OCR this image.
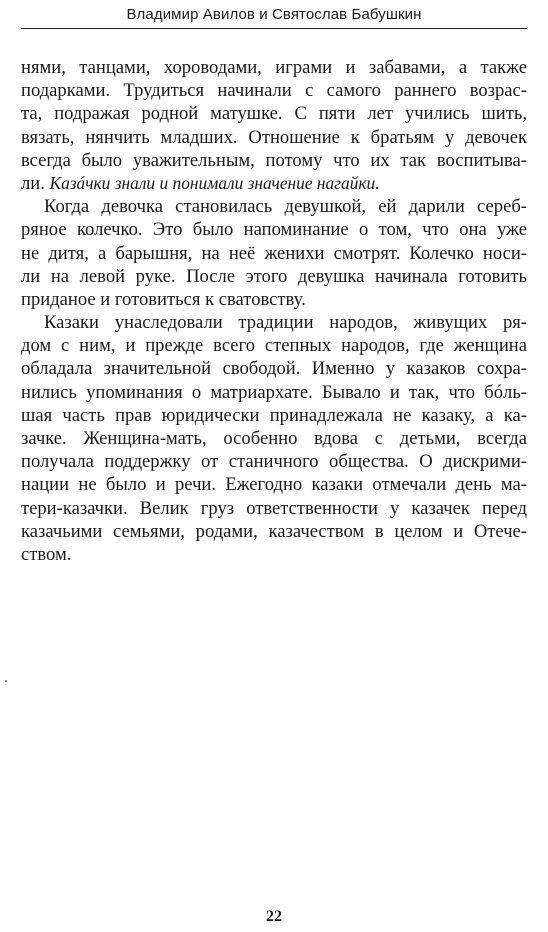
Владимир Авилов и Святослав Бабушкин
нями, танцами, хороводами, играми и забавами, а также
подарками. Трудиться начинали с самого раннего возрас-
та, подражая родной матушке. С пяти лет учились шить,
вязать, нянчить младших. Отношение к братьям у девочек
всегда было уважительным, потому что их так воспитыва-
ли. Казáчки знали и понимали значение нагайки.
Когда девочка становилась девушкой, ей дарили сереб-
ряное колечко. Это было напоминание о том, что она уже
не дитя, а барышня, на неё женихи смотрят. Колечко носи-
ли на левой руке. После этого девушка начинала готовить
приданое и готовиться к сватовству.
Казаки унаследовали традиции народов, живущих ря-
дом с ним, и прежде всего степных народов, где женщина
обладала значительной свободой. Именно у казаков сохра-
нились упоминания о матриархате. Бывало и так, что бóль-
шая часть прав юридически принадлежала не казаку, а ка-
зачке. Женщина-мать, особенно вдова с детьми, всегда
получала поддержку от станичного общества. О дискрими-
нации не было и речи. Ежегодно казаки отмечали день ма-
тери-казачки. Велик груз ответственности у казачек перед
казачьими семьями, родами, казачеством в целом и Отече-
ством.
22
